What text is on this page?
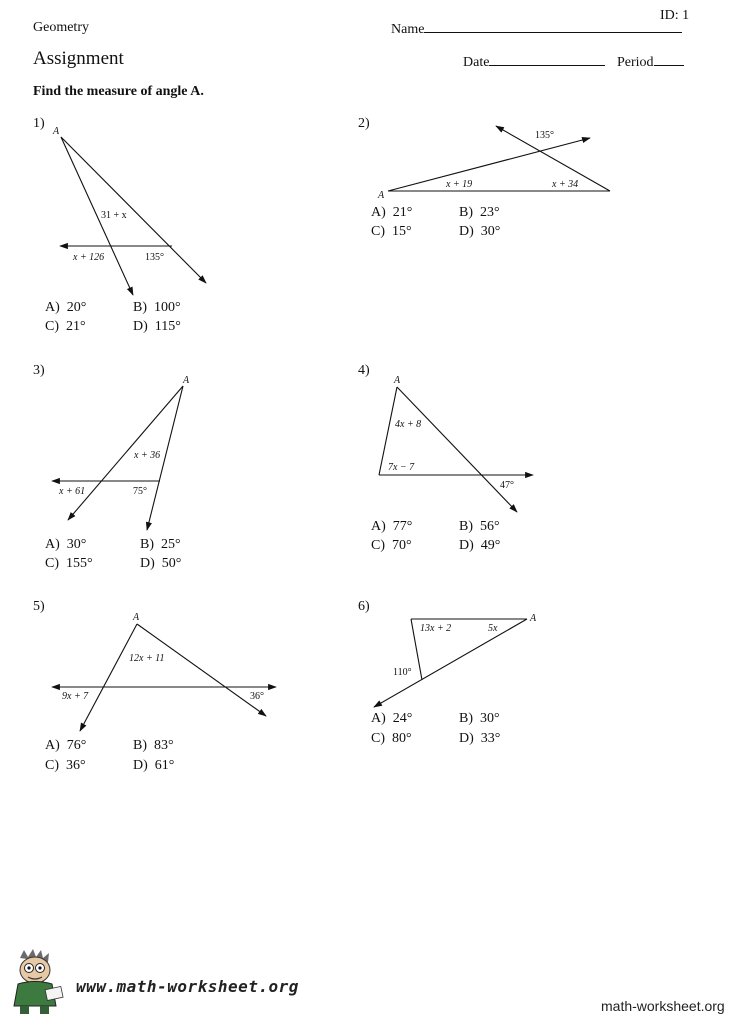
ID: 1
Geometry	Name
Assignment	Date	Period
Find the measure of angle A.
1)
A
31 + x
x + 126	135°
A
135°
x + 19	x + 34
A
x + 36
x + 61	75°
A
4x + 8
7x − 7
47°
A
12x + 11
9x + 7	36°
A
13x + 2	5x
110°
A) 20°	B) 100°
C) 21°	D) 115°
2)
A) 21°	B) 23°
C) 15°	D) 30°
3)
A) 30°	B) 25°
C) 155°	D) 50°
4)
A) 77°	B) 56°
C) 70°	D) 49°
5)
A) 76°	B) 83°
C) 36°	D) 61°
6)
A) 24°	B) 30°
C) 80°	D) 33°
www.math-worksheet.org
math-worksheet.org
